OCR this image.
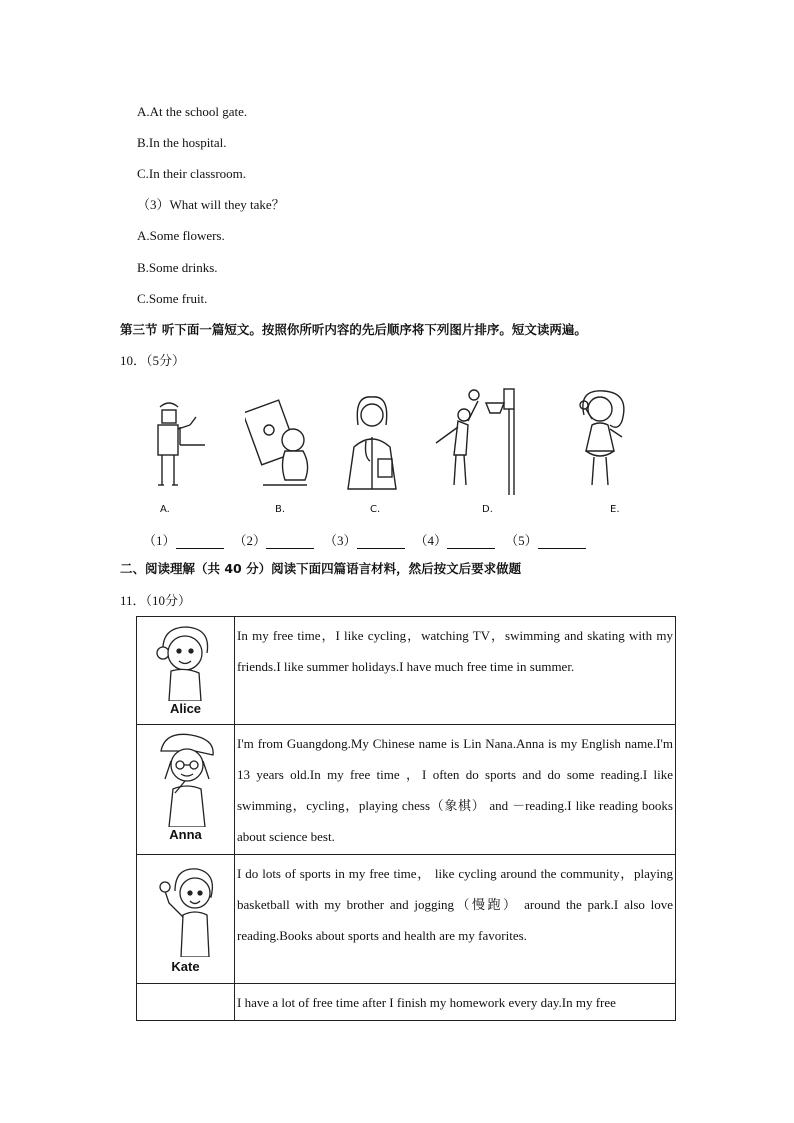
A.At the school gate.
B.In the hospital.
C.In their classroom.
（3）What will they take？
A.Some flowers.
B.Some drinks.
C.Some fruit.
第三节 听下面一篇短文。按照你所听内容的先后顺序将下列图片排序。短文读两遍。
10．（5分）
A.	B.	C.	D.	E.
（1）	（2）	（3）	（4）	（5）
二、阅读理解（共 40 分）阅读下面四篇语言材料，然后按文后要求做题
11．（10分）
Alice	In my free time，I like cycling，watching TV，swimming and skating with my friends.I like summer holidays.I have much free time in summer.

Anna	I'm from Guangdong.My Chinese name is Lin Nana.Anna is my English name.I'm 13 years old.In my free time ，I often do sports and do some reading.I like swimming，cycling，playing chess（象棋） and －reading.I like reading books about science best.

Kate	I do lots of sports in my free time， like cycling around the community，playing basketball with my brother and jogging（慢跑） around the park.I also love reading.Books about sports and health are my favorites.

	I have a lot of free time after I finish my homework every day.In my free
